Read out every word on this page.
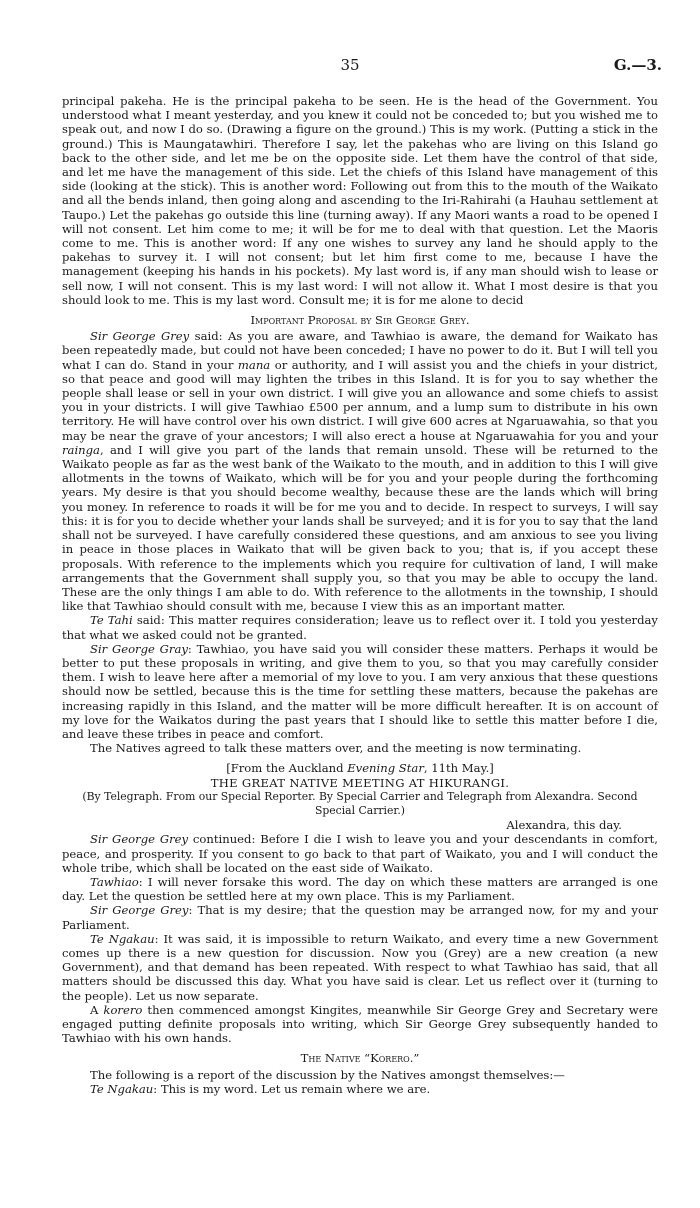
35	G.—3.

principal pakeha. He is the principal pakeha to be seen. He is the head of the Government. You understood what I meant yesterday, and you knew it could not be conceded to; but you wished me to speak out, and now I do so. (Drawing a figure on the ground.) This is my work. (Putting a stick in the ground.) This is Maungatawhiri. Therefore I say, let the pakehas who are living on this Island go back to the other side, and let me be on the opposite side. Let them have the control of that side, and let me have the management of this side. Let the chiefs of this Island have management of this side (looking at the stick). This is another word: Following out from this to the mouth of the Waikato and all the bends inland, then going along and ascending to the Iri-Rahirahi (a Hauhau settlement at Taupo.) Let the pakehas go outside this line (turning away). If any Maori wants a road to be opened I will not consent. Let him come to me; it will be for me to deal with that question. Let the Maoris come to me. This is another word: If any one wishes to survey any land he should apply to the pakehas to survey it. I will not consent; but let him first come to me, because I have the management (keeping his hands in his pockets). My last word is, if any man should wish to lease or sell now, I will not consent. This is my last word: I will not allow it. What I most desire is that you should look to me. This is my last word. Consult me; it is for me alone to decid

Important Proposal by Sir George Grey.

Sir George Grey said: As you are aware, and Tawhiao is aware, the demand for Waikato has been repeatedly made, but could not have been conceded; I have no power to do it. But I will tell you what I can do. Stand in your mana or authority, and I will assist you and the chiefs in your district, so that peace and good will may lighten the tribes in this Island. It is for you to say whether the people shall lease or sell in your own district. I will give you an allowance and some chiefs to assist you in your districts. I will give Tawhiao £500 per annum, and a lump sum to distribute in his own territory. He will have control over his own district. I will give 600 acres at Ngaruawahia, so that you may be near the grave of your ancestors; I will also erect a house at Ngaruawahia for you and your rainga, and I will give you part of the lands that remain unsold. These will be returned to the Waikato people as far as the west bank of the Waikato to the mouth, and in addition to this I will give allotments in the towns of Waikato, which will be for you and your people during the forthcoming years. My desire is that you should become wealthy, because these are the lands which will bring you money. In reference to roads it will be for me you and to decide. In respect to surveys, I will say this: it is for you to decide whether your lands shall be surveyed; and it is for you to say that the land shall not be surveyed. I have carefully considered these questions, and am anxious to see you living in peace in those places in Waikato that will be given back to you; that is, if you accept these proposals. With reference to the implements which you require for cultivation of land, I will make arrangements that the Government shall supply you, so that you may be able to occupy the land. These are the only things I am able to do. With reference to the allotments in the township, I should like that Tawhiao should consult with me, because I view this as an important matter.

Te Tahi said: This matter requires consideration; leave us to reflect over it. I told you yesterday that what we asked could not be granted.

Sir George Gray: Tawhiao, you have said you will consider these matters. Perhaps it would be better to put these proposals in writing, and give them to you, so that you may carefully consider them. I wish to leave here after a memorial of my love to you. I am very anxious that these questions should now be settled, because this is the time for settling these matters, because the pakehas are increasing rapidly in this Island, and the matter will be more difficult hereafter. It is on account of my love for the Waikatos during the past years that I should like to settle this matter before I die, and leave these tribes in peace and comfort.

The Natives agreed to talk these matters over, and the meeting is now terminating.

[From the Auckland Evening Star, 11th May.]

THE GREAT NATIVE MEETING AT HIKURANGI.

(By Telegraph. From our Special Reporter. By Special Carrier and Telegraph from Alexandra. Second Special Carrier.)

Alexandra, this day.

Sir George Grey continued: Before I die I wish to leave you and your descendants in comfort, peace, and prosperity. If you consent to go back to that part of Waikato, you and I will conduct the whole tribe, which shall be located on the east side of Waikato.

Tawhiao: I will never forsake this word. The day on which these matters are arranged is one day. Let the question be settled here at my own place. This is my Parliament.

Sir George Grey: That is my desire; that the question may be arranged now, for my and your Parliament.

Te Ngakau: It was said, it is impossible to return Waikato, and every time a new Government comes up there is a new question for discussion. Now you (Grey) are a new creation (a new Government), and that demand has been repeated. With respect to what Tawhiao has said, that all matters should be discussed this day. What you have said is clear. Let us reflect over it (turning to the people). Let us now separate.

A korero then commenced amongst Kingites, meanwhile Sir George Grey and Secretary were engaged putting definite proposals into writing, which Sir George Grey subsequently handed to Tawhiao with his own hands.

The Native “Korero.”

The following is a report of the discussion by the Natives amongst themselves:—

Te Ngakau: This is my word. Let us remain where we are.
